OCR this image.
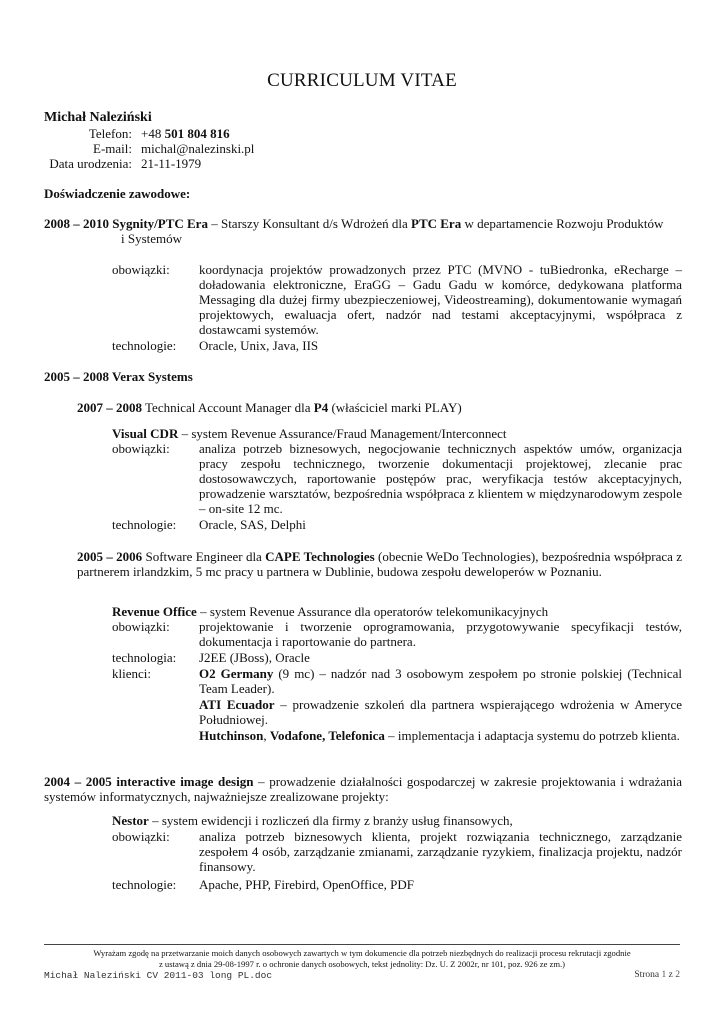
CURRICULUM VITAE
Michał Naleziński
Telefon: +48 501 804 816
E-mail: michal@nalezinski.pl
Data urodzenia: 21-11-1979
Doświadczenie zawodowe:
2008 – 2010 Sygnity/PTC Era – Starszy Konsultant d/s Wdrożeń dla PTC Era w departamencie Rozwoju Produktów
i Systemów
obowiązki: koordynacja projektów prowadzonych przez PTC (MVNO - tuBiedronka, eRecharge – doładowania elektroniczne, EraGG – Gadu Gadu w komórce, dedykowana platforma Messaging dla dużej firmy ubezpieczeniowej, Videostreaming), dokumentowanie wymagań projektowych, ewaluacja ofert, nadzór nad testami akceptacyjnymi, współpraca z dostawcami systemów.
technologie: Oracle, Unix, Java, IIS
2005 – 2008 Verax Systems
2007 – 2008 Technical Account Manager dla P4 (właściciel marki PLAY)
Visual CDR – system Revenue Assurance/Fraud Management/Interconnect
obowiązki: analiza potrzeb biznesowych, negocjowanie technicznych aspektów umów, organizacja pracy zespołu technicznego, tworzenie dokumentacji projektowej, zlecanie prac dostosowawczych, raportowanie postępów prac, weryfikacja testów akceptacyjnych, prowadzenie warsztatów, bezpośrednia współpraca z klientem w międzynarodowym zespole – on-site 12 mc.
technologie: Oracle, SAS, Delphi
2005 – 2006 Software Engineer dla CAPE Technologies (obecnie WeDo Technologies), bezpośrednia współpraca z partnerem irlandzkim, 5 mc pracy u partnera w Dublinie, budowa zespołu deweloperów w Poznaniu.
Revenue Office – system Revenue Assurance dla operatorów telekomunikacyjnych
obowiązki: projektowanie i tworzenie oprogramowania, przygotowywanie specyfikacji testów, dokumentacja i raportowanie do partnera.
technologia: J2EE (JBoss), Oracle
klienci:	O2 Germany (9 mc) – nadzór nad 3 osobowym zespołem po stronie polskiej (Technical Team Leader).
ATI Ecuador – prowadzenie szkoleń dla partnera wspierającego wdrożenia w Ameryce Południowej.
Hutchinson, Vodafone, Telefonica – implementacja i adaptacja systemu do potrzeb klienta.
2004 – 2005 interactive image design – prowadzenie działalności gospodarczej w zakresie projektowania i wdrażania systemów informatycznych, najważniejsze zrealizowane projekty:
Nestor – system ewidencji i rozliczeń dla firmy z branży usług finansowych,
obowiązki: analiza potrzeb biznesowych klienta, projekt rozwiązania technicznego, zarządzanie zespołem 4 osób, zarządzanie zmianami, zarządzanie ryzykiem, finalizacja projektu, nadzór finansowy.
technologie: Apache, PHP, Firebird, OpenOffice, PDF
Wyrażam zgodę na przetwarzanie moich danych osobowych zawartych w tym dokumencie dla potrzeb niezbędnych do realizacji procesu rekrutacji zgodnie
z ustawą z dnia 29-08-1997 r. o ochronie danych osobowych, tekst jednolity: Dz. U. Z 2002r, nr 101, poz. 926 ze zm.)
Michał Naleziński CV 2011-03 long PL.doc	Strona 1 z 2
